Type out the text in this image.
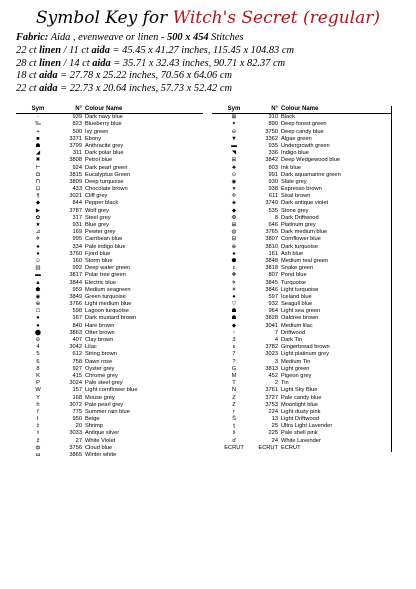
Symbol Key for Witch's Secret (regular)
Fabric: Aida , evenweave or linen - 500 x 454 Stitches
22 ct linen / 11 ct aida = 45.45 x 41.27 inches, 115.45 x 104.83 cm
28 ct linen / 14 ct aida = 35.71 x 32.43 inches, 90.71 x 82.37 cm
18 ct aida = 27.78 x 25.22 inches, 70.56 x 64.06 cm
22 ct aida = 22.73 x 20.64 inches, 57.73 x 52.42 cm
Sym	N° Colour Name
·	939 Dark navy blue
‰	823 Blueberry blue
+	500 Ivy green
■	3371 Ebony
☗	3799 Anthracite grey
◢	311 Dark polar blue
✖	3808 Petrol blue
⊢	924 Dark pearl green
◘	3815 Eucalyptus Green
⊓	3809 Deep turquoise
⊡	433 Chocolate brown
§	3021 Cliff grey
◆	844 Pepper black
▶	3787 Wolf grey
✿	317 Steel grey
★	931 Blue grey
⊿	169 Pewter grey
✈	995 Carribean blue
♠	334 Pale indigo blue
♦	3760 Fjord blue
☺	160 Storm blue
▥	992 Deep water green
▬	3817 Polar tree green
▲	3844 Electric blue
⬟	959 Medium seagreen
◉	3849 Green turquoise
⊕	3766 Light medium blue
☖	598 Lagoon turquoise
●	167 Dark mustard brown
●	840 Hare brown
⬤	3863 Otter brown
⊘	407 Clay brown
4	3042 Lilac
5	612 String brown
6	758 Dawn rose
8	927 Oyster grey
K	415 Chrome grey
P	3024 Pale steel grey
W	157 Light cornflower blue
Y	168 Mouse grey
h	3072 Pale pearl grey
ř	775 Summer rain blue
ŀ	950 Beige
‡	20 Shrimp
ŧ	3033 Antique silver
ž	27 White Violet
ф	3756 Cloud blue
ш	3865 Winter white
Sym	N° Colour Name
⊠	310 Black
✦	890 Deep forest green
⊖	3750 Deep candy blue
▼	3362 Algae green
▬	935 Undergrowth green
◥	336 Indigo blue
⊞	3842 Deep Wedgewood blue
♣	803 Ink blue
⊙	991 Dark aquamarine green
◉	930 Slate grey
▾	938 Espresso brown
✢	611 Sisal brown
◈	3740 Dark antique violet
◆	535 Stone grey
✠	8 Dark Driftwood
⊞	646 Platinum grey
◍	3765 Dark medium blue
⊟	3807 Cornflower blue
⊕	3810 Dark turquoise
♠	161 Ash blue
⬢	3848 Medium teal green
ε	3818 Snake green
❖	807 Pond blue
✈	3845 Turquoise
☀	3846 Light turquoise
●	597 Iceland blue
▽	932 Seagull blue
☗	964 Light sea green
☗	3828 Oaktree brown
◆	3041 Medium lilac
↑	7 Driftwood
3	4 Dark Tin
ε	3782 Gingerbread brown
7	3023 Light platinum grey
?	3 Medium Tin
G	3813 Light green
M	452 Pigeon grey
T	2 Tin
N	3761 Light Sky Blue
Z	3727 Pale candy blue
Z	3753 Moonlight blue
r	224 Light dusty pink
Ŝ	13 Light Driftwood
ţ	25 Ultra Light Lavender
ŝ	225 Pale shell pink
ɗ	24 White Lavender
ECRUT	ECRUT ECRUT
